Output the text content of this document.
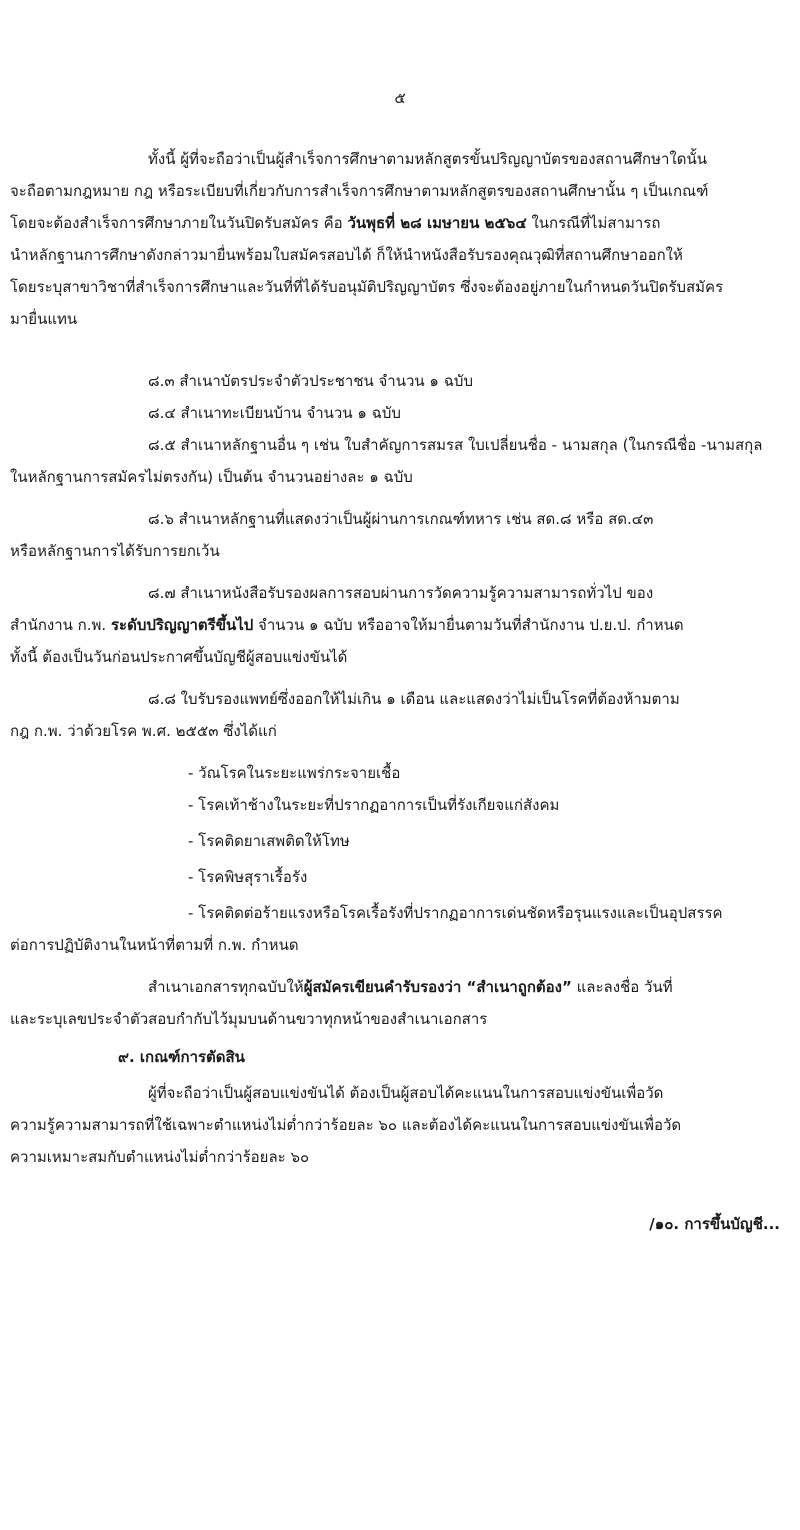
๕
ทั้งนี้ ผู้ที่จะถือว่าเป็นผู้สำเร็จการศึกษาตามหลักสูตรขั้นปริญญาบัตรของสถานศึกษาใดนั้น
จะถือตามกฎหมาย กฎ หรือระเบียบที่เกี่ยวกับการสำเร็จการศึกษาตามหลักสูตรของสถานศึกษานั้น ๆ เป็นเกณฑ์
โดยจะต้องสำเร็จการศึกษาภายในวันปิดรับสมัคร คือ วันพุธที่ ๒๘ เมษายน ๒๕๖๔ ในกรณีที่ไม่สามารถ
นำหลักฐานการศึกษาดังกล่าวมายื่นพร้อมใบสมัครสอบได้ ก็ให้นำหนังสือรับรองคุณวุฒิที่สถานศึกษาออกให้
โดยระบุสาขาวิชาที่สำเร็จการศึกษาและวันที่ที่ได้รับอนุมัติปริญญาบัตร ซึ่งจะต้องอยู่ภายในกำหนดวันปิดรับสมัคร
มายื่นแทน
๘.๓ สำเนาบัตรประจำตัวประชาชน จำนวน ๑ ฉบับ
๘.๔ สำเนาทะเบียนบ้าน จำนวน ๑ ฉบับ
๘.๕ สำเนาหลักฐานอื่น ๆ เช่น ใบสำคัญการสมรส ใบเปลี่ยนชื่อ - นามสกุล (ในกรณีชื่อ -นามสกุล
ในหลักฐานการสมัครไม่ตรงกัน) เป็นต้น จำนวนอย่างละ ๑ ฉบับ
๘.๖ สำเนาหลักฐานที่แสดงว่าเป็นผู้ผ่านการเกณฑ์ทหาร เช่น สด.๘ หรือ สด.๔๓
หรือหลักฐานการได้รับการยกเว้น
๘.๗ สำเนาหนังสือรับรองผลการสอบผ่านการวัดความรู้ความสามารถทั่วไป ของ
สำนักงาน ก.พ. ระดับปริญญาตรีขึ้นไป จำนวน ๑ ฉบับ หรืออาจให้มายื่นตามวันที่สำนักงาน ป.ย.ป. กำหนด
ทั้งนี้ ต้องเป็นวันก่อนประกาศขึ้นบัญชีผู้สอบแข่งขันได้
๘.๘ ใบรับรองแพทย์ซึ่งออกให้ไม่เกิน ๑ เดือน และแสดงว่าไม่เป็นโรคที่ต้องห้ามตาม
กฎ ก.พ. ว่าด้วยโรค พ.ศ. ๒๕๕๓ ซึ่งได้แก่
- วัณโรคในระยะแพร่กระจายเชื้อ
- โรคเท้าช้างในระยะที่ปรากฏอาการเป็นที่รังเกียจแก่สังคม
- โรคติดยาเสพติดให้โทษ
- โรคพิษสุราเรื้อรัง
- โรคติดต่อร้ายแรงหรือโรคเรื้อรังที่ปรากฏอาการเด่นชัดหรือรุนแรงและเป็นอุปสรรค
ต่อการปฏิบัติงานในหน้าที่ตามที่ ก.พ. กำหนด
สำเนาเอกสารทุกฉบับให้ผู้สมัครเขียนคำรับรองว่า “สำเนาถูกต้อง” และลงชื่อ วันที่
และระบุเลขประจำตัวสอบกำกับไว้มุมบนด้านขวาทุกหน้าของสำเนาเอกสาร
๙. เกณฑ์การตัดสิน
ผู้ที่จะถือว่าเป็นผู้สอบแข่งขันได้ ต้องเป็นผู้สอบได้คะแนนในการสอบแข่งขันเพื่อวัด
ความรู้ความสามารถที่ใช้เฉพาะตำแหน่งไม่ต่ำกว่าร้อยละ ๖๐ และต้องได้คะแนนในการสอบแข่งขันเพื่อวัด
ความเหมาะสมกับตำแหน่งไม่ต่ำกว่าร้อยละ ๖๐
/๑๐. การขึ้นบัญชี...
